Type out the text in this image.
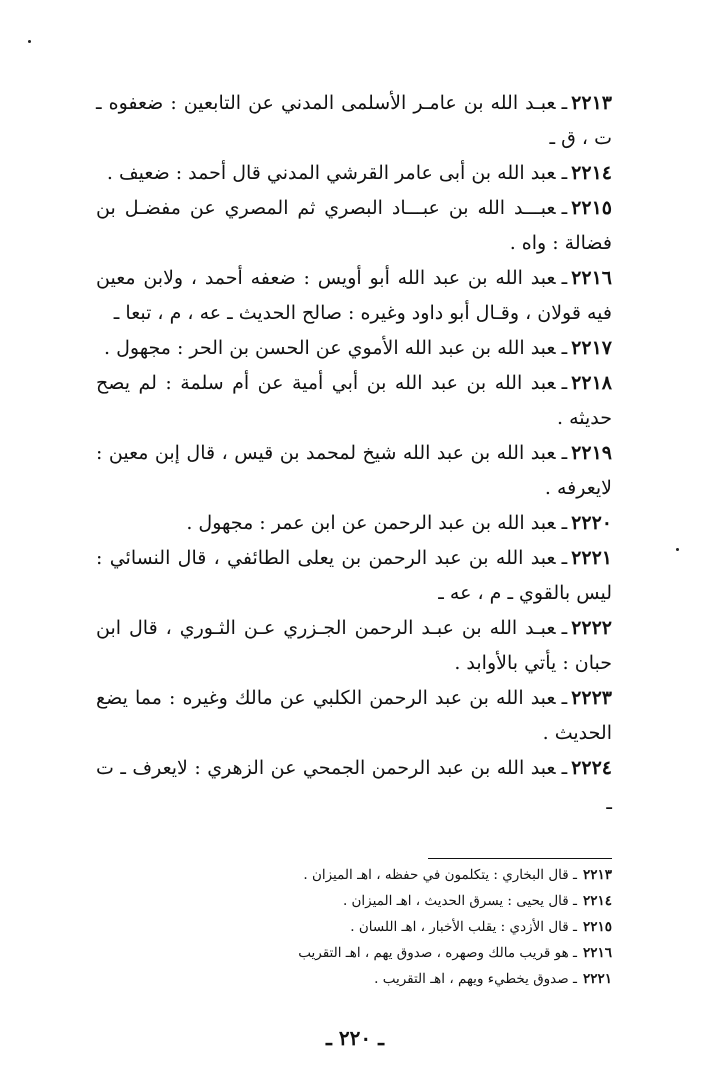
٢٢١٣ـعبـد الله بن عامـر الأسلمى المدني عن التابعين : ضعفوه ـ ت ، ق ـ

٢٢١٤ـعبد الله بن أبى عامر القرشي المدني قال أحمد : ضعيف .

٢٢١٥ـعبـــد الله بن عبـــاد البصري ثم المصري عن مفضـل بن فضالة : واه .

٢٢١٦ـعبد الله بن عبد الله أبو أويس : ضعفه أحمد ، ولابن معين فيه قولان ، وقـال أبو داود وغيره : صالح الحديث ـ عه ، م ، تبعا ـ

٢٢١٧ـعبد الله بن عبد الله الأموي عن الحسن بن الحر : مجهول .

٢٢١٨ـعبد الله بن عبد الله بن أبي أمية عن أم سلمة : لم يصح حديثه .

٢٢١٩ـعبد الله بن عبد الله شيخ لمحمد بن قيس ، قال إبن معين : لايعرفه .

٢٢٢٠ـعبد الله بن عبد الرحمن عن ابن عمر : مجهول .

٢٢٢١ـعبد الله بن عبد الرحمن بن يعلى الطائفي ، قال النسائي : ليس بالقوي ـ م ، عه ـ

٢٢٢٢ـعبـد الله بن عبـد الرحمن الجـزري عـن الثـوري ، قال ابن حبان : يأتي بالأوابد .

٢٢٢٣ـعبد الله بن عبد الرحمن الكلبي عن مالك وغيره : مما يضع الحديث .

٢٢٢٤ـعبد الله بن عبد الرحمن الجمحي عن الزهري : لايعرف ـ ت ـ

٢٢١٣ـ قال البخاري : يتكلمون في حفظه ، اهـ الميزان .

٢٢١٤ـ قال يحيى : يسرق الحديث ، اهـ الميزان .

٢٢١٥ـ قال الأزدي : يقلب الأخبار ، اهـ اللسان .

٢٢١٦ـ هو قريب مالك وصهره ، صدوق يهم ، اهـ التقريب

٢٢٢١ـ صدوق يخطيء ويهم ، اهـ التقريب .

ـ ٢٢٠ ـ
